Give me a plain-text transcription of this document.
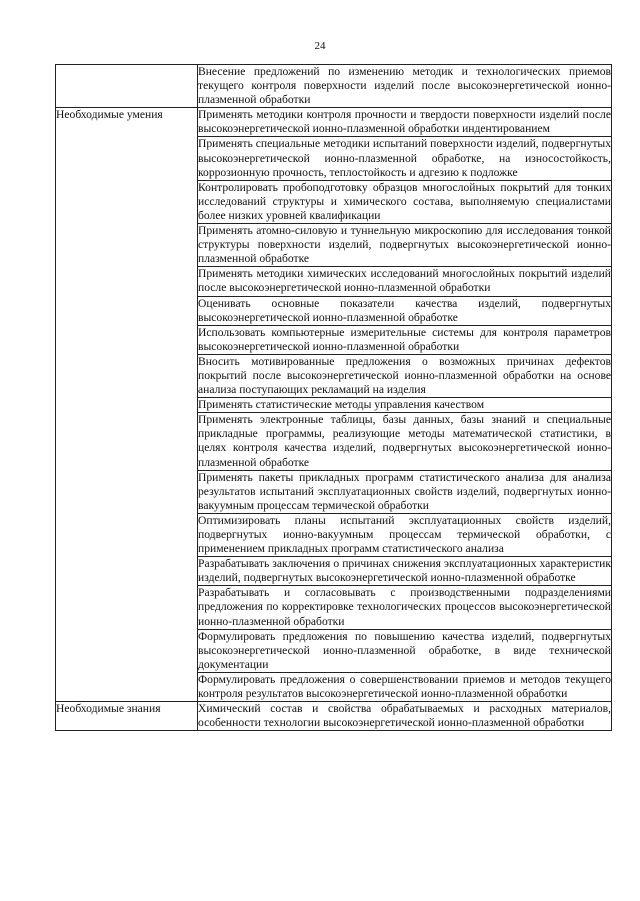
24

	Внесение предложений по изменению методик и технологических приемов текущего контроля поверхности изделий после высокоэнергетической ионно-плазменной обработки

Необходимые умения	Применять методики контроля прочности и твердости поверхности изделий после высокоэнергетической ионно-плазменной обработки индентированием

	Применять специальные методики испытаний поверхности изделий, подвергнутых высокоэнергетической ионно-плазменной обработке, на износостойкость, коррозионную прочность, теплостойкость и адгезию к подложке

	Контролировать пробоподготовку образцов многослойных покрытий для тонких исследований структуры и химического состава, выполняемую специалистами более низких уровней квалификации

	Применять атомно-силовую и туннельную микроскопию для исследования тонкой структуры поверхности изделий, подвергнутых высокоэнергетической ионно-плазменной обработке

	Применять методики химических исследований многослойных покрытий изделий после высокоэнергетической ионно-плазменной обработки

	Оценивать основные показатели качества изделий, подвергнутых высокоэнергетической ионно-плазменной обработке

	Использовать компьютерные измерительные системы для контроля параметров высокоэнергетической ионно-плазменной обработки

	Вносить мотивированные предложения о возможных причинах дефектов покрытий после высокоэнергетической ионно-плазменной обработки на основе анализа поступающих рекламаций на изделия

	Применять статистические методы управления качеством

	Применять электронные таблицы, базы данных, базы знаний и специальные прикладные программы, реализующие методы математической статистики, в целях контроля качества изделий, подвергнутых высокоэнергетической ионно-плазменной обработке

	Применять пакеты прикладных программ статистического анализа для анализа результатов испытаний эксплуатационных свойств изделий, подвергнутых ионно-вакуумным процессам термической обработки

	Оптимизировать планы испытаний эксплуатационных свойств изделий, подвергнутых ионно-вакуумным процессам термической обработки, с применением прикладных программ статистического анализа

	Разрабатывать заключения о причинах снижения эксплуатационных характеристик изделий, подвергнутых высокоэнергетической ионно-плазменной обработке

	Разрабатывать и согласовывать с производственными подразделениями предложения по корректировке технологических процессов высокоэнергетической ионно-плазменной обработки

	Формулировать предложения по повышению качества изделий, подвергнутых высокоэнергетической ионно-плазменной обработке, в виде технической документации

	Формулировать предложения о совершенствовании приемов и методов текущего контроля результатов высокоэнергетической ионно-плазменной обработки

Необходимые знания	Химический состав и свойства обрабатываемых и расходных материалов, особенности технологии высокоэнергетической ионно-плазменной обработки
